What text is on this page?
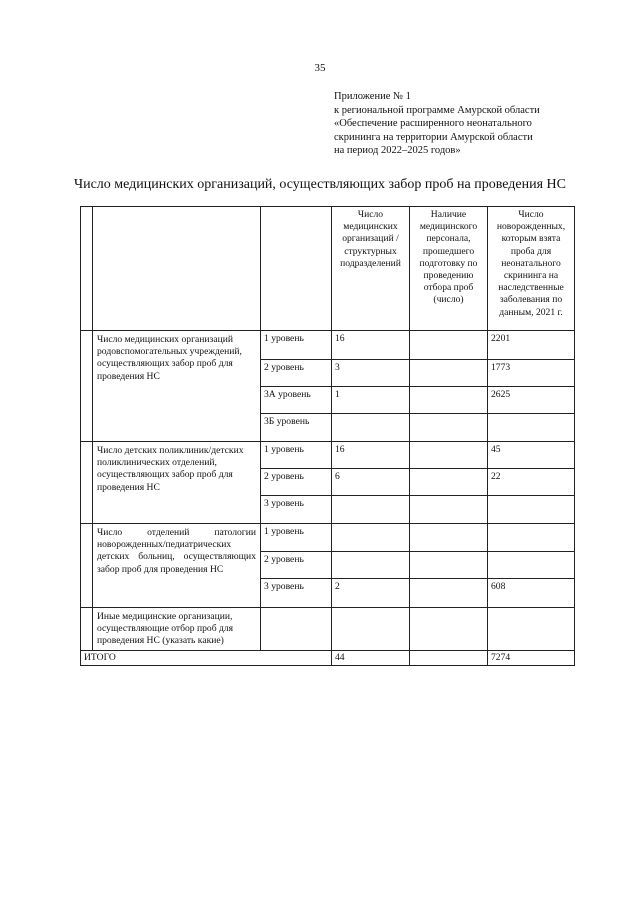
35
Приложение № 1
к региональной программе Амурской области
«Обеспечение расширенного неонатального
скрининга на территории Амурской области
на период 2022–2025 годов»
Число медицинских организаций, осуществляющих забор проб на проведения НС
			Число медицинских организаций /структурных подразделений	Наличие медицинского персонала, прошедшего подготовку по проведению отбора проб (число)	Число новорожденных, которым взята проба для неонатального скрининга на наследственные заболевания по данным, 2021 г.
	Число медицинских организаций родовспомогательных учреждений, осуществляющих забор проб для проведения НС	1 уровень	16		2201
		2 уровень	3		1773
		3А уровень	1		2625
		3Б уровень			
	Число детских поликлиник/детских поликлинических отделений, осуществляющих забор проб для проведения НС	1 уровень	16		45
		2 уровень	6		22
		3 уровень			
	Число отделений патологии новорожденных/педиатрических детских больниц, осуществляющих забор проб для проведения НС	1 уровень			
		2 уровень			
		3 уровень	2		608
	Иные медицинские организации, осуществляющие отбор проб для проведения НС (указать какие)				
ИТОГО			44		7274
